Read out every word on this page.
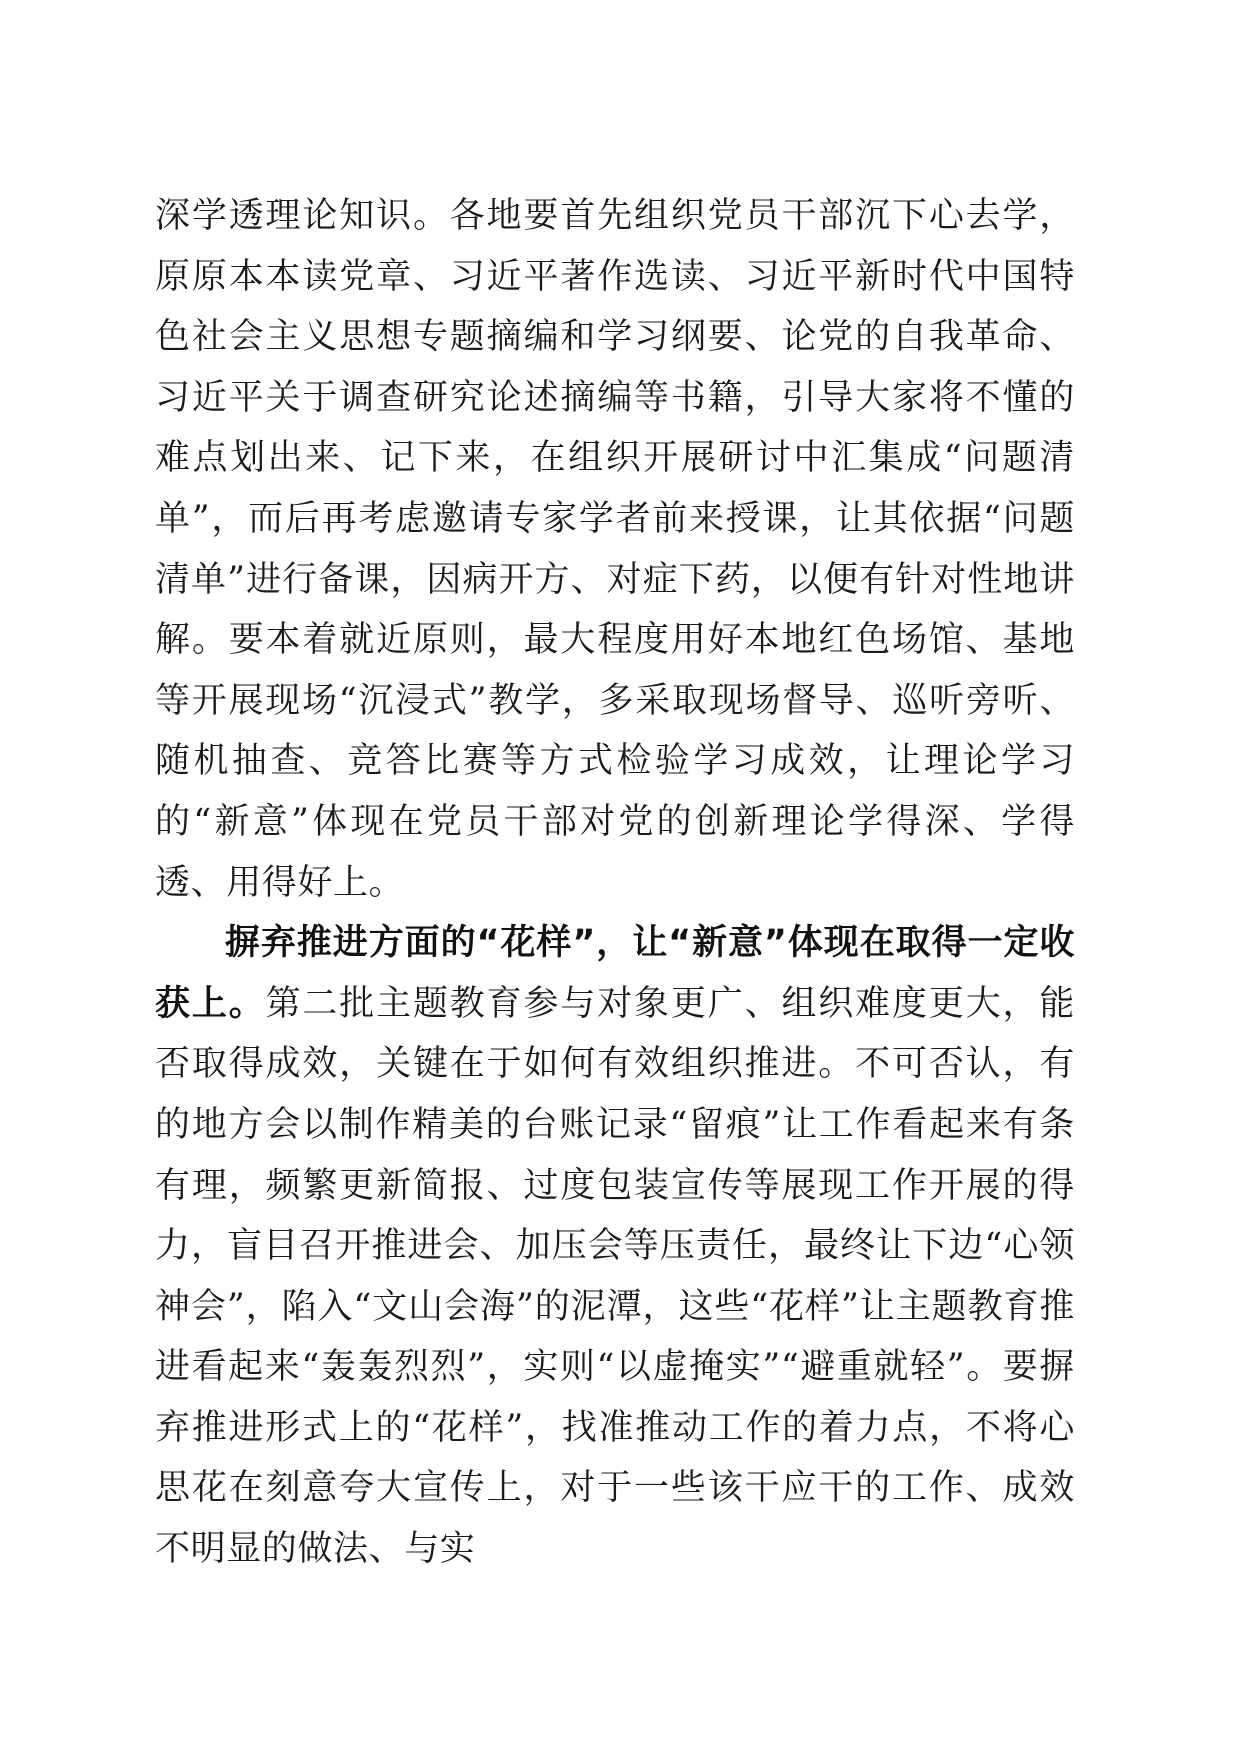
深学透理论知识。各地要首先组织党员干部沉下心去学，原原本本读党章、习近平著作选读、习近平新时代中国特色社会主义思想专题摘编和学习纲要、论党的自我革命、习近平关于调查研究论述摘编等书籍，引导大家将不懂的难点划出来、记下来，在组织开展研讨中汇集成“问题清单”，而后再考虑邀请专家学者前来授课，让其依据“问题清单”进行备课，因病开方、对症下药，以便有针对性地讲解。要本着就近原则，最大程度用好本地红色场馆、基地等开展现场“沉浸式”教学，多采取现场督导、巡听旁听、随机抽查、竞答比赛等方式检验学习成效，让理论学习的“新意”体现在党员干部对党的创新理论学得深、学得透、用得好上。

摒弃推进方面的“花样”，让“新意”体现在取得一定收获上。第二批主题教育参与对象更广、组织难度更大，能否取得成效，关键在于如何有效组织推进。不可否认，有的地方会以制作精美的台账记录“留痕”让工作看起来有条有理，频繁更新简报、过度包装宣传等展现工作开展的得力，盲目召开推进会、加压会等压责任，最终让下边“心领神会”，陷入“文山会海”的泥潭，这些“花样”让主题教育推进看起来“轰轰烈烈”，实则“以虚掩实”“避重就轻”。要摒弃推进形式上的“花样”，找准推动工作的着力点，不将心思花在刻意夸大宣传上，对于一些该干应干的工作、成效不明显的做法、与实
